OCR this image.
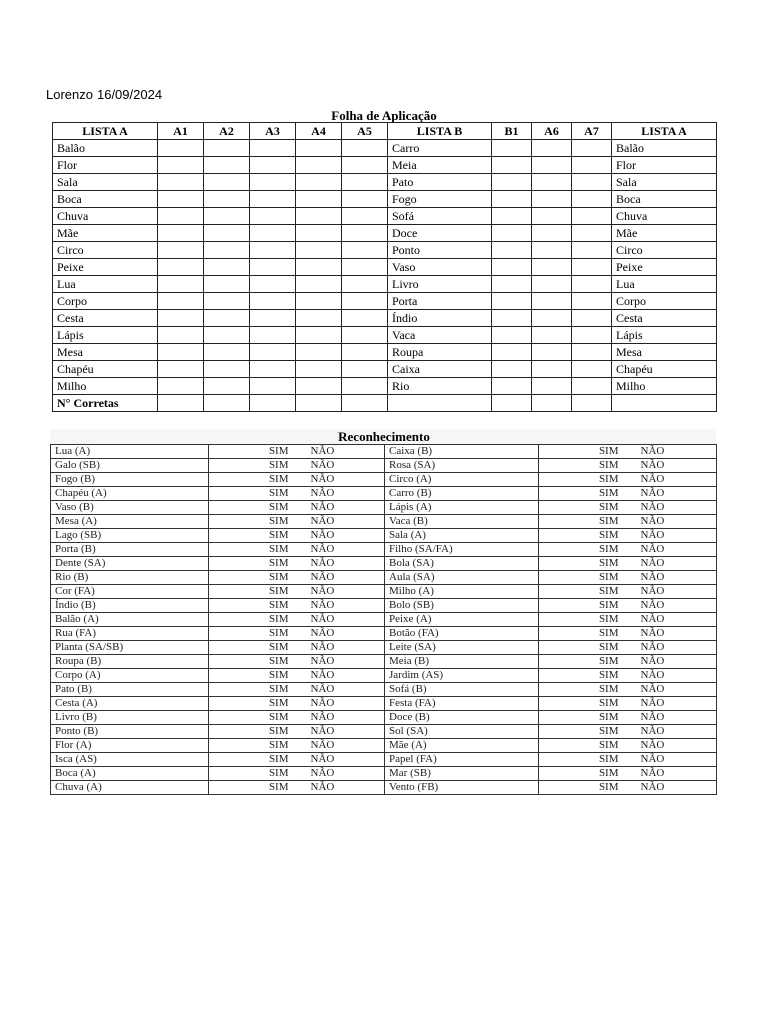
Lorenzo 16/09/2024
Folha de Aplicação
LISTA A	A1	A2	A3	A4	A5	LISTA B	B1	A6	A7	LISTA A
Balão						Carro				Balão
Flor						Meia				Flor
Sala						Pato				Sala
Boca						Fogo				Boca
Chuva						Sofá				Chuva
Mãe						Doce				Mãe
Circo						Ponto				Circo
Peixe						Vaso				Peixe
Lua						Livro				Lua
Corpo						Porta				Corpo
Cesta						Índio				Cesta
Lápis						Vaca				Lápis
Mesa						Roupa				Mesa
Chapéu						Caixa				Chapéu
Milho						Rio				Milho
N° Corretas										
Reconhecimento
Lua (A)	SIM	NÃO	Caixa (B)	SIM	NÃO
Galo (SB)	SIM	NÃO	Rosa (SA)	SIM	NÃO
Fogo (B)	SIM	NÃO	Circo (A)	SIM	NÃO
Chapéu (A)	SIM	NÃO	Carro (B)	SIM	NÃO
Vaso (B)	SIM	NÃO	Lápis (A)	SIM	NÃO
Mesa (A)	SIM	NÃO	Vaca (B)	SIM	NÃO
Lago (SB)	SIM	NÃO	Sala (A)	SIM	NÃO
Porta (B)	SIM	NÃO	Filho (SA/FA)	SIM	NÃO
Dente (SA)	SIM	NÃO	Bola (SA)	SIM	NÃO
Rio (B)	SIM	NÃO	Aula (SA)	SIM	NÃO
Cor (FA)	SIM	NÃO	Milho (A)	SIM	NÃO
Índio (B)	SIM	NÃO	Bolo (SB)	SIM	NÃO
Balão (A)	SIM	NÃO	Peixe (A)	SIM	NÃO
Rua (FA)	SIM	NÃO	Botão (FA)	SIM	NÃO
Planta (SA/SB)	SIM	NÃO	Leite (SA)	SIM	NÃO
Roupa (B)	SIM	NÃO	Meia (B)	SIM	NÃO
Corpo (A)	SIM	NÃO	Jardim (AS)	SIM	NÃO
Pato (B)	SIM	NÃO	Sofá (B)	SIM	NÃO
Cesta (A)	SIM	NÃO	Festa (FA)	SIM	NÃO
Livro (B)	SIM	NÃO	Doce (B)	SIM	NÃO
Ponto (B)	SIM	NÃO	Sol (SA)	SIM	NÃO
Flor (A)	SIM	NÃO	Mãe (A)	SIM	NÃO
Isca (AS)	SIM	NÃO	Papel (FA)	SIM	NÃO
Boca (A)	SIM	NÃO	Mar (SB)	SIM	NÃO
Chuva (A)	SIM	NÃO	Vento (FB)	SIM	NÃO
